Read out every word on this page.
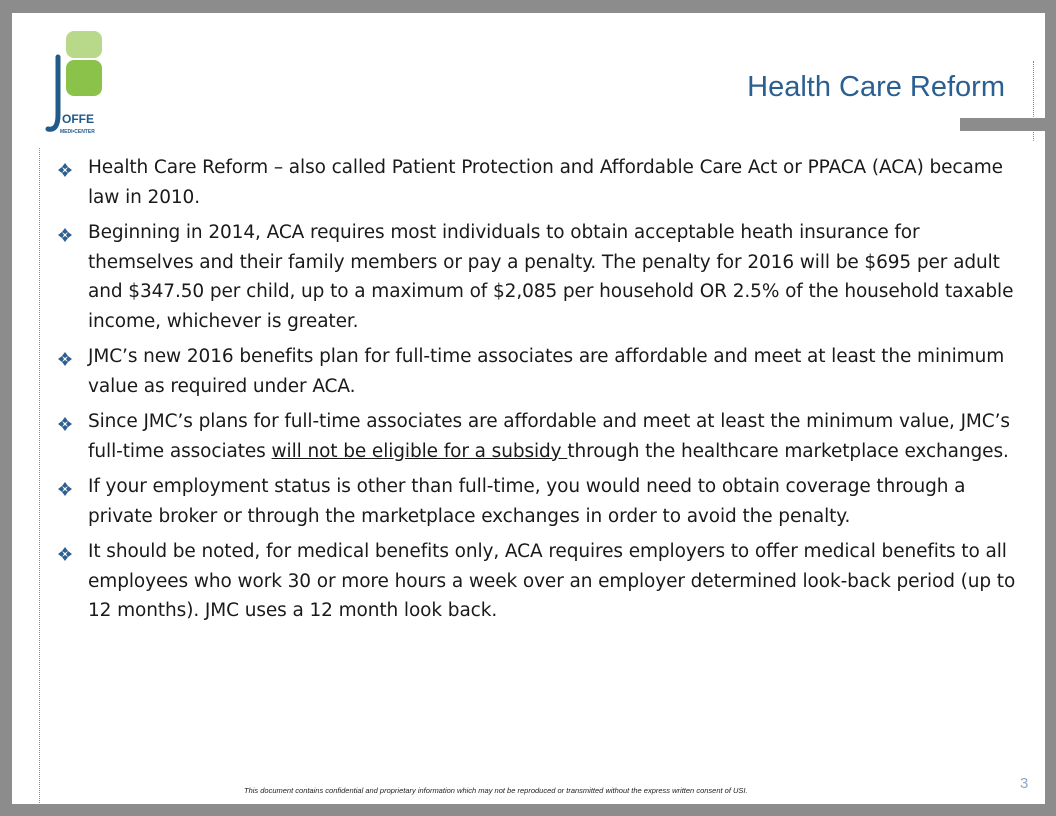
OFFE
MEDI•CENTER
Health Care Reform
Health Care Reform – also called Patient Protection and Affordable Care Act or PPACA (ACA) became law in 2010.
Beginning in 2014, ACA requires most individuals to obtain acceptable heath insurance for themselves and their family members or pay a penalty. The penalty for 2016 will be $695 per adult and $347.50 per child, up to a maximum of $2,085 per household OR 2.5% of the household taxable income, whichever is greater.
JMC’s new 2016 benefits plan for full-time associates are affordable and meet at least the minimum value as required under ACA.
Since JMC’s plans for full-time associates are affordable and meet at least the minimum value, JMC’s full-time associates will not be eligible for a subsidy through the healthcare marketplace exchanges.
If your employment status is other than full-time, you would need to obtain coverage through a private broker or through the marketplace exchanges in order to avoid the penalty.
It should be noted, for medical benefits only, ACA requires employers to offer medical benefits to all employees who work 30 or more hours a week over an employer determined look-back period (up to 12 months). JMC uses a 12 month look back.
This document contains confidential and proprietary information which may not be reproduced or transmitted without the express written consent of USI.	3
